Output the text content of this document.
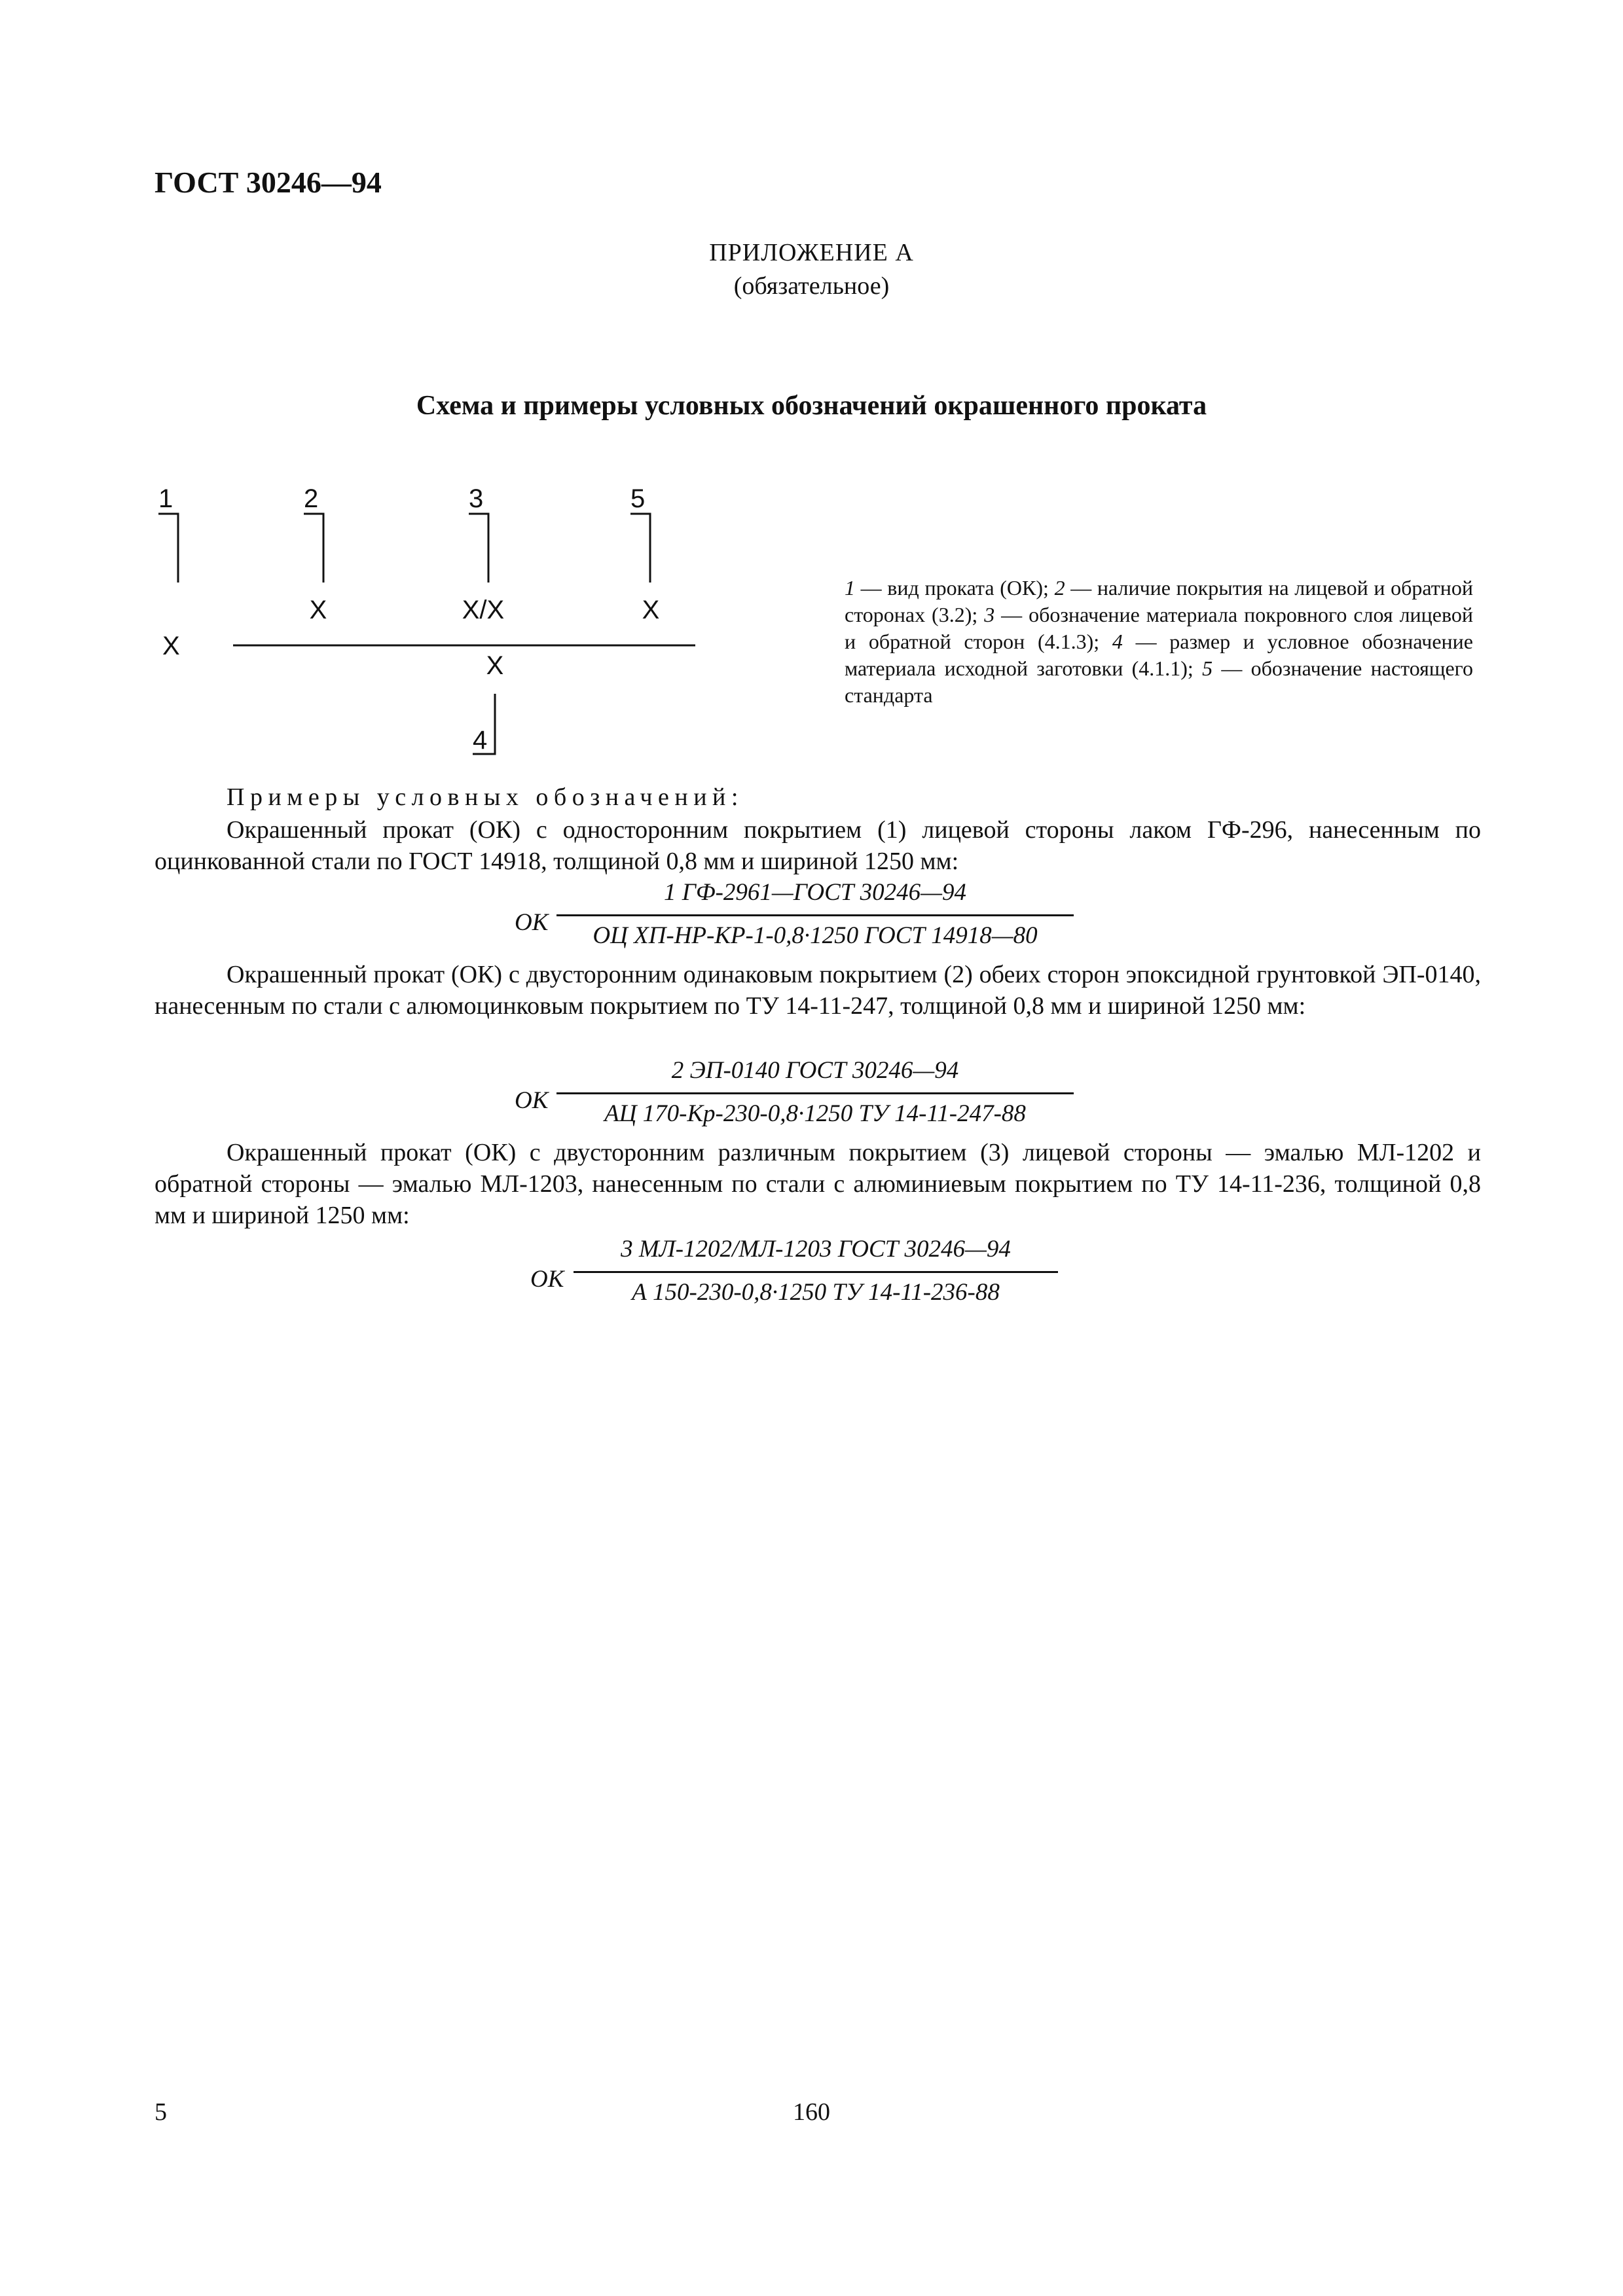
ГОСТ 30246—94
ПРИЛОЖЕНИЕ А
(обязательное)
Схема и примеры условных обозначений окрашенного проката
1	2	3	5
X
X	X/X	X
X
4
1 — вид проката (ОК); 2 — наличие покрытия на лицевой и обратной сторонах (3.2); 3 — обозначение материала покровного слоя лицевой и обратной сторон (4.1.3); 4 — размер и условное обозначение материала исходной заготовки (4.1.1); 5 — обозначение настоящего стандарта
Примеры условных обозначений:
Окрашенный прокат (ОК) с односторонним покрытием (1) лицевой стороны лаком ГФ-296, нанесенным по оцинкованной стали по ГОСТ 14918, толщиной 0,8 мм и шириной 1250 мм:
ОК
1 ГФ-2961—ГОСТ 30246—94
ОЦ ХП-НР-КР-1-0,8·1250 ГОСТ 14918—80
Окрашенный прокат (ОК) с двусторонним одинаковым покрытием (2) обеих сторон эпоксидной грунтовкой ЭП-0140, нанесенным по стали с алюмоцинковым покрытием по ТУ 14-11-247, толщиной 0,8 мм и шириной 1250 мм:
ОК
2 ЭП-0140 ГОСТ 30246—94
АЦ 170-Кр-230-0,8·1250 ТУ 14-11-247-88
Окрашенный прокат (ОК) с двусторонним различным покрытием (3) лицевой стороны — эмалью МЛ-1202 и обратной стороны — эмалью МЛ-1203, нанесенным по стали с алюминиевым покрытием по ТУ 14-11-236, толщиной 0,8 мм и шириной 1250 мм:
ОК
3 МЛ-1202/МЛ-1203 ГОСТ 30246—94
А 150-230-0,8·1250 ТУ 14-11-236-88
5	160
